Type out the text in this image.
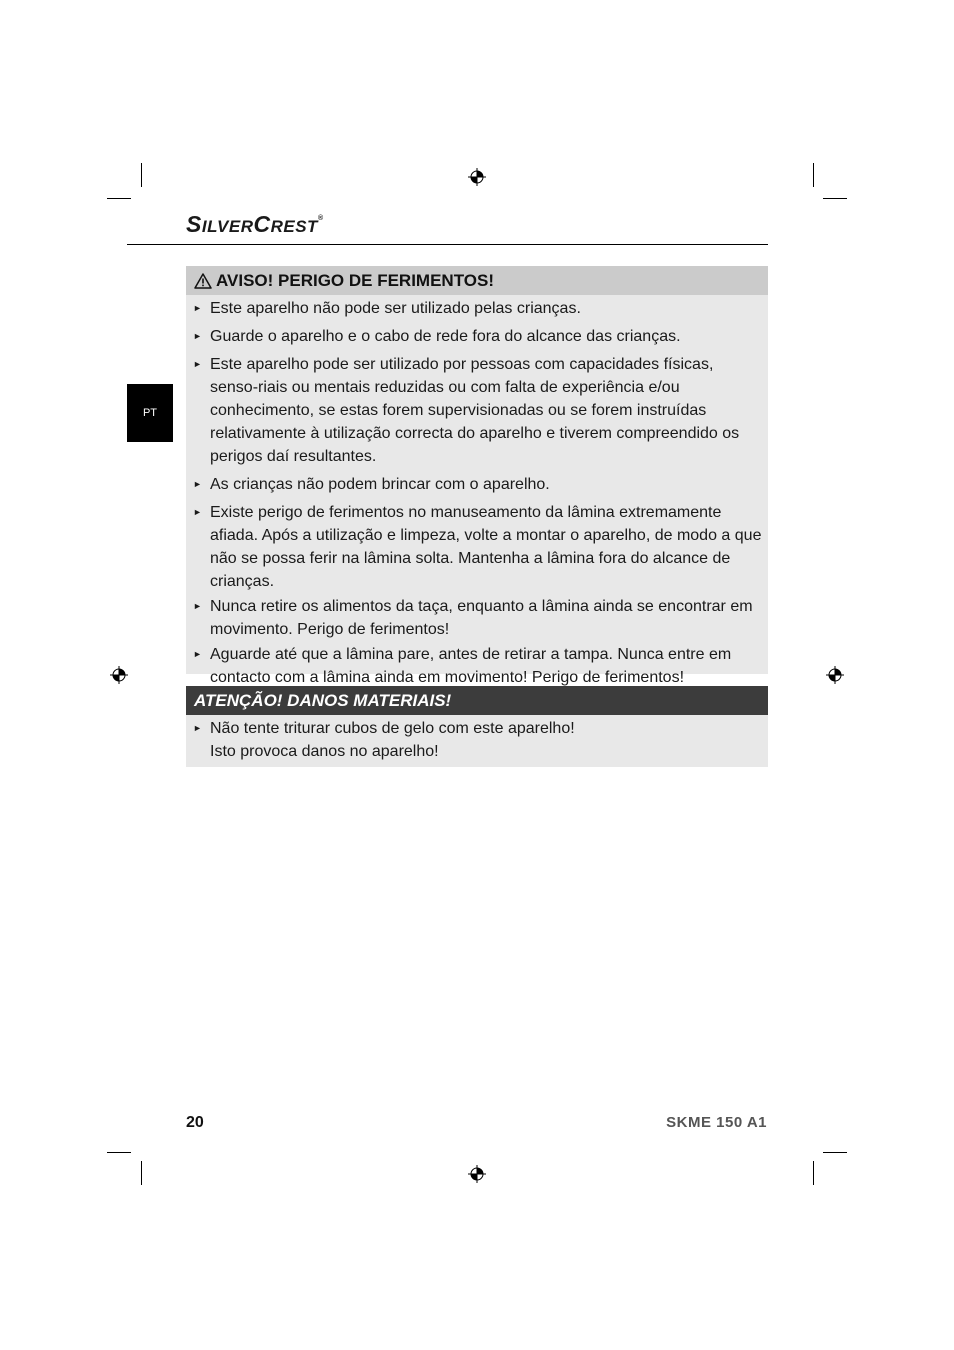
SILVERCREST®
PT
AVISO! PERIGO DE FERIMENTOS!
► Este aparelho não pode ser utilizado pelas crianças.
► Guarde o aparelho e o cabo de rede fora do alcance das crianças.
► Este aparelho pode ser utilizado por pessoas com capacidades físicas, senso-riais ou mentais reduzidas ou com falta de experiência e/ou conhecimento, se estas forem supervisionadas ou se forem instruídas relativamente à utilização correcta do aparelho e tiverem compreendido os perigos daí resultantes.
► As crianças não podem brincar com o aparelho.
► Existe perigo de ferimentos no manuseamento da lâmina extremamente afiada. Após a utilização e limpeza, volte a montar o aparelho, de modo a que não se possa ferir na lâmina solta. Mantenha a lâmina fora do alcance de crianças.
► Nunca retire os alimentos da taça, enquanto a lâmina ainda se encontrar em movimento. Perigo de ferimentos!
► Aguarde até que a lâmina pare, antes de retirar a tampa. Nunca entre em contacto com a lâmina ainda em movimento! Perigo de ferimentos!
ATENÇÃO! DANOS MATERIAIS!
► Não tente triturar cubos de gelo com este aparelho!
Isto provoca danos no aparelho!
20	SKME 150 A1
